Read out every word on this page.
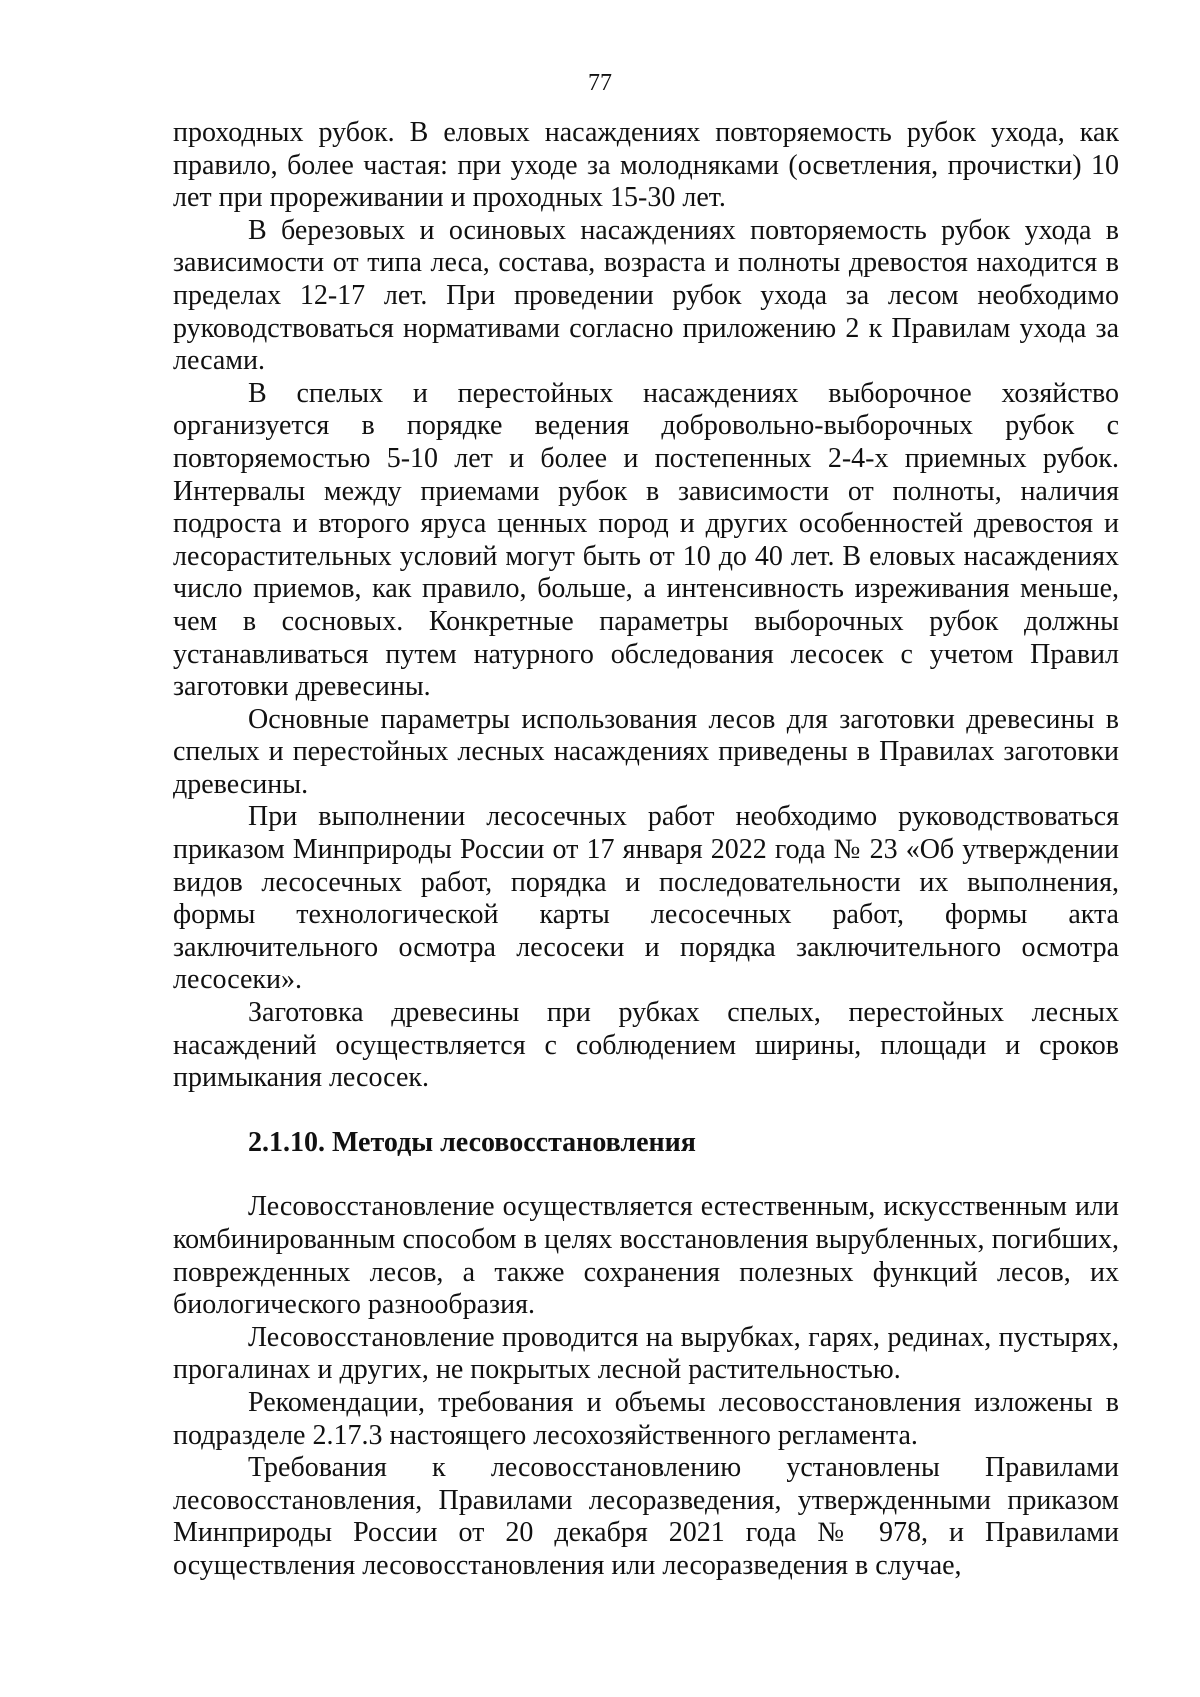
77

проходных рубок. В еловых насаждениях повторяемость рубок ухода, как правило, более частая: при уходе за молодняками (осветления, прочистки) 10 лет при прореживании и проходных 15-30 лет.

В березовых и осиновых насаждениях повторяемость рубок ухода в зависимости от типа леса, состава, возраста и полноты древостоя находится в пределах 12-17 лет. При проведении рубок ухода за лесом необходимо руководствоваться нормативами согласно приложению 2 к Правилам ухода за лесами.

В спелых и перестойных насаждениях выборочное хозяйство организуется в порядке ведения добровольно-выборочных рубок с повторяемостью 5-10 лет и более и постепенных 2-4-х приемных рубок. Интервалы между приемами рубок в зависимости от полноты, наличия подроста и второго яруса ценных пород и других особенностей древостоя и лесорастительных условий могут быть от 10 до 40 лет. В еловых насаждениях число приемов, как правило, больше, а интенсивность изреживания меньше, чем в сосновых. Конкретные параметры выборочных рубок должны устанавливаться путем натурного обследования лесосек с учетом Правил заготовки древесины.

Основные параметры использования лесов для заготовки древесины в спелых и перестойных лесных насаждениях приведены в Правилах заготовки древесины.

При выполнении лесосечных работ необходимо руководствоваться приказом Минприроды России от 17 января 2022 года № 23 «Об утверждении видов лесосечных работ, порядка и последовательности их выполнения, формы технологической карты лесосечных работ, формы акта заключительного осмотра лесосеки и порядка заключительного осмотра лесосеки».

Заготовка древесины при рубках спелых, перестойных лесных насаждений осуществляется с соблюдением ширины, площади и сроков примыкания лесосек.

2.1.10. Методы лесовосстановления

Лесовосстановление осуществляется естественным, искусственным или комбинированным способом в целях восстановления вырубленных, погибших, поврежденных лесов, а также сохранения полезных функций лесов, их биологического разнообразия.

Лесовосстановление проводится на вырубках, гарях, рединах, пустырях, прогалинах и других, не покрытых лесной растительностью.

Рекомендации, требования и объемы лесовосстановления изложены в подразделе 2.17.3 настоящего лесохозяйственного регламента.

Требования к лесовосстановлению установлены Правилами лесовосстановления, Правилами лесоразведения, утвержденными приказом Минприроды России от 20 декабря 2021 года № 978, и Правилами осуществления лесовосстановления или лесоразведения в случае,
